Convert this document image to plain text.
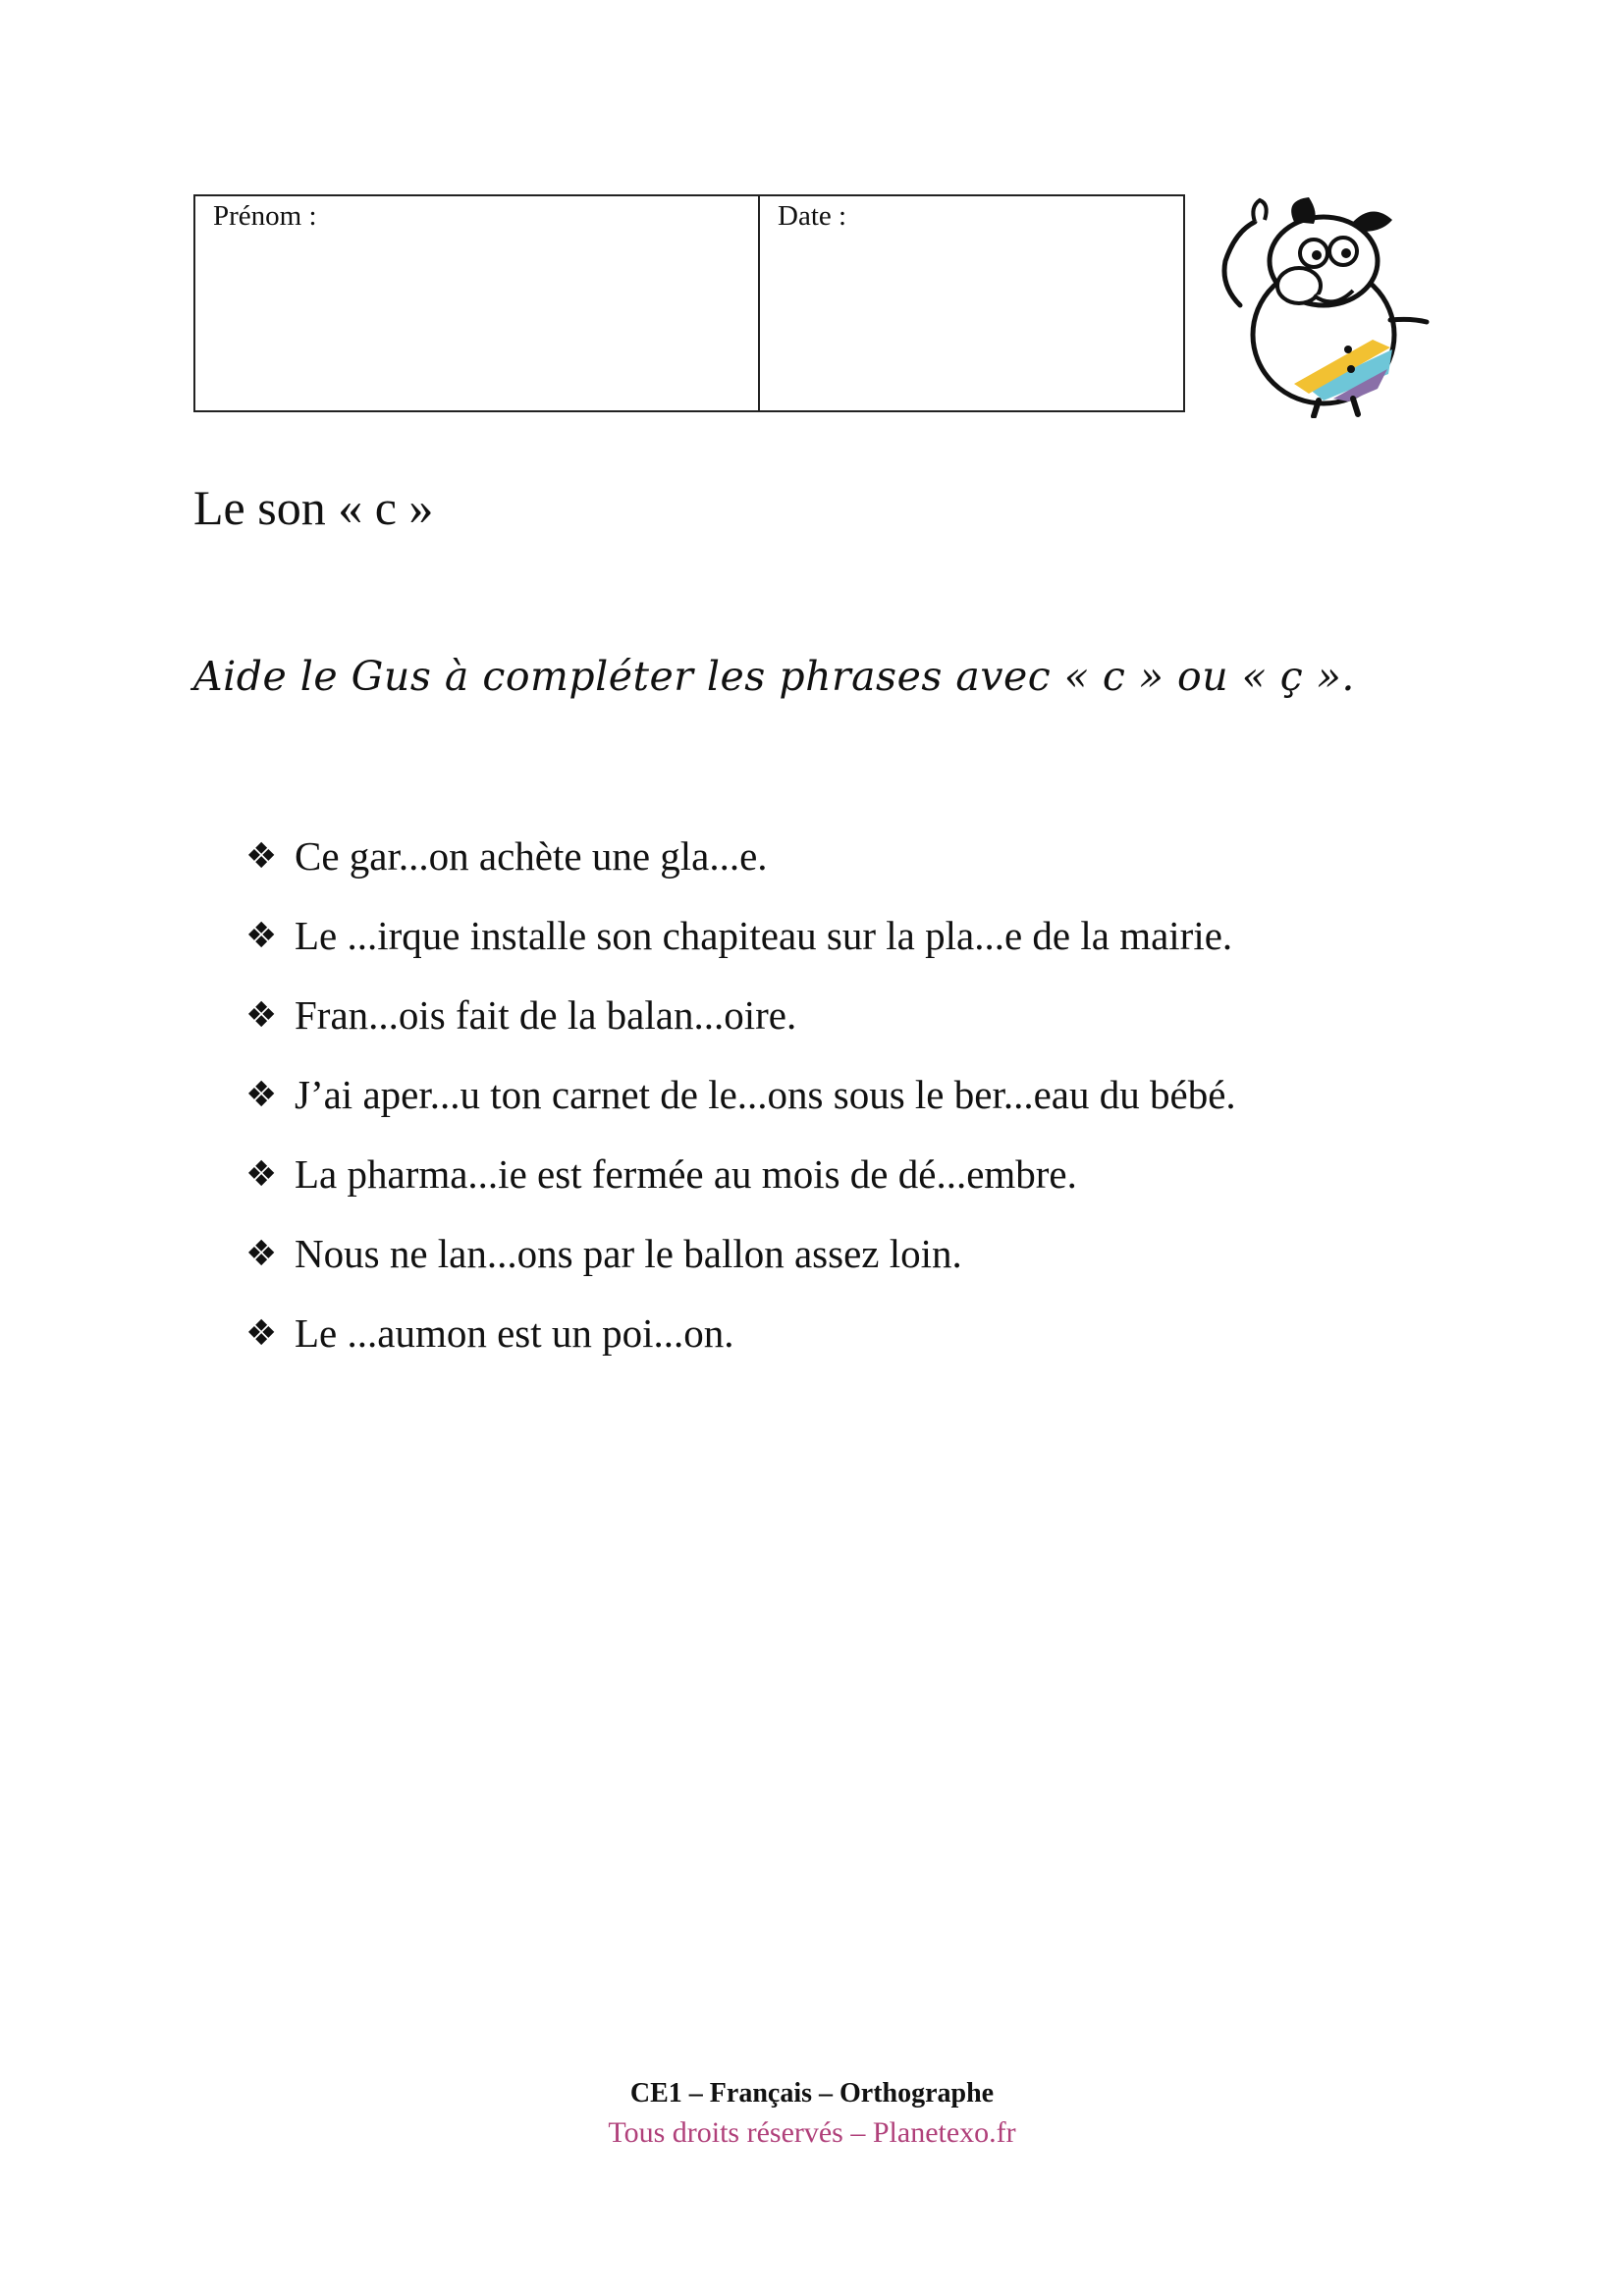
Prénom :	Date :
Le son « c »
Aide le Gus à compléter les phrases avec « c » ou « ç ».
❖ Ce gar...on achète une gla...e.
❖ Le ...irque installe son chapiteau sur la pla...e de la mairie.
❖ Fran...ois fait de la balan...oire.
❖ J’ai aper...u ton carnet de le...ons sous le ber...eau du bébé.
❖ La pharma...ie est fermée au mois de dé...embre.
❖ Nous ne lan...ons par le ballon assez loin.
❖ Le ...aumon est un poi...on.
CE1 – Français – Orthographe
Tous droits réservés – Planetexo.fr
